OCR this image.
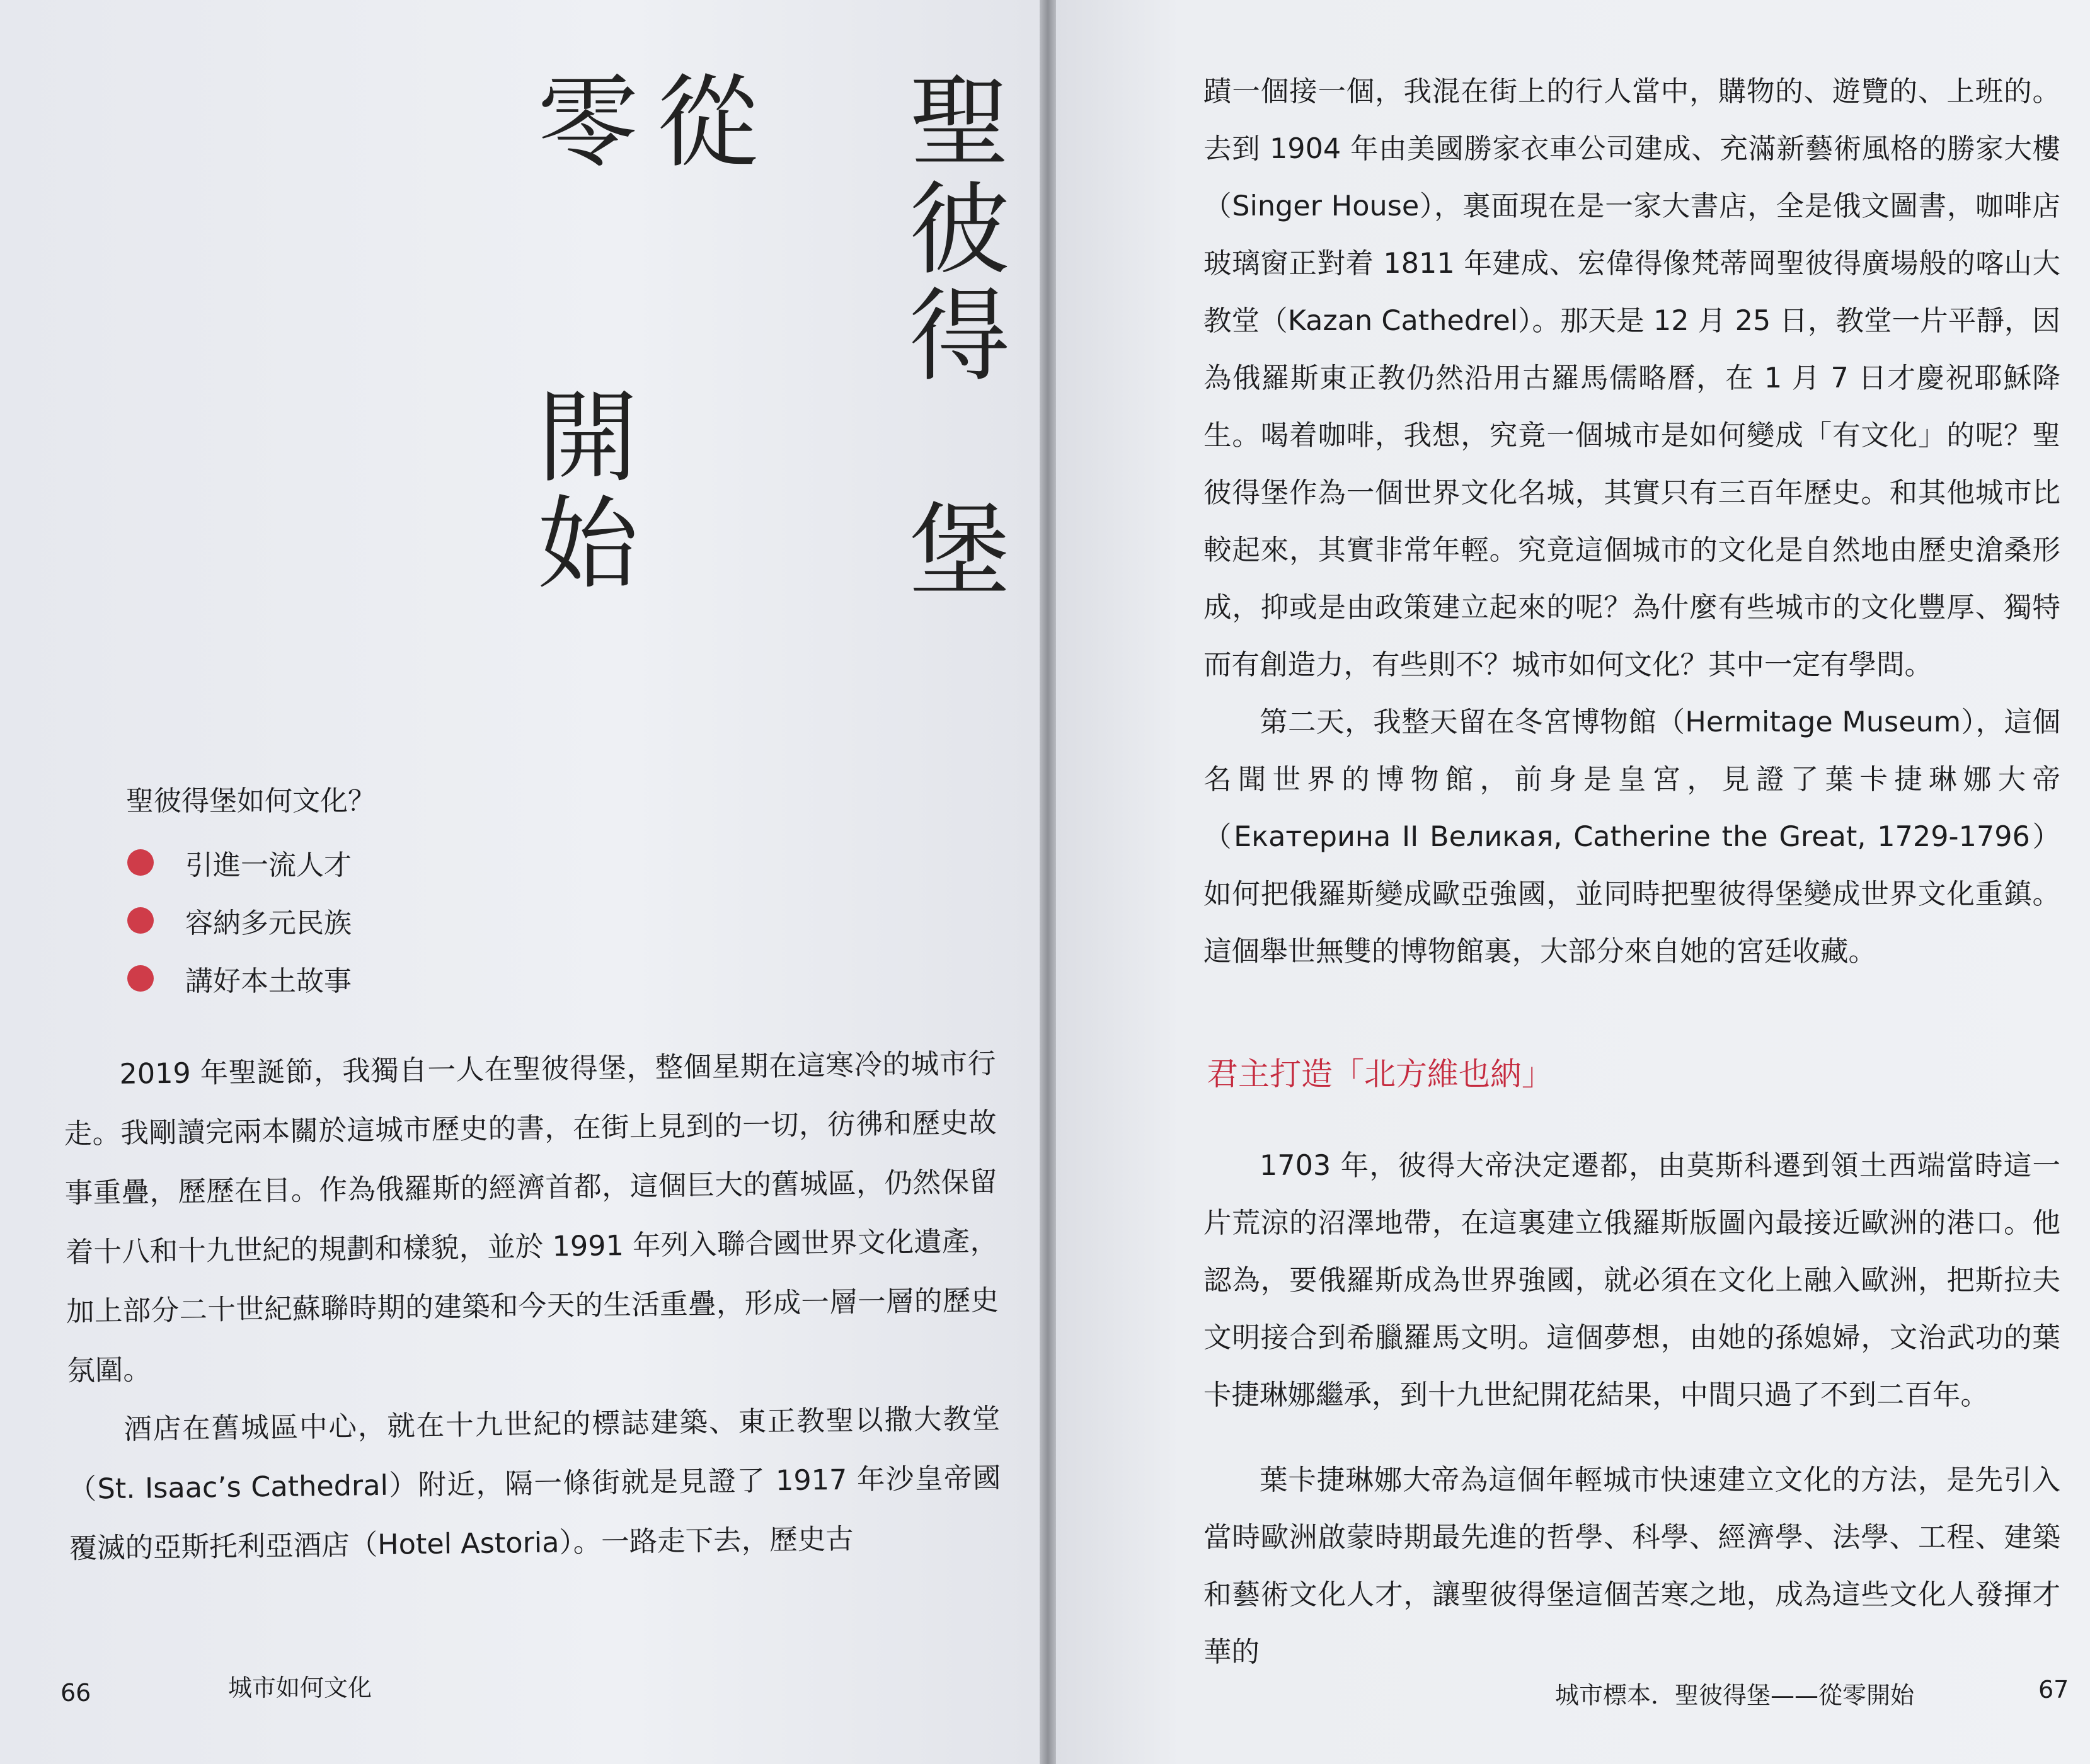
聖
彼
得
堡
從
零
開
始

聖彼得堡如何文化？

引進一流人才
容納多元民族
講好本土故事

2019 年聖誕節，我獨自一人在聖彼得堡，整個星期在這寒冷的城市行走。我剛讀完兩本關於這城市歷史的書，在街上見到的一切，彷彿和歷史故事重疊，歷歷在目。作為俄羅斯的經濟首都，這個巨大的舊城區，仍然保留着十八和十九世紀的規劃和樣貌，並於 1991 年列入聯合國世界文化遺產，加上部分二十世紀蘇聯時期的建築和今天的生活重疊，形成一層一層的歷史氛圍。

酒店在舊城區中心，就在十九世紀的標誌建築、東正教聖以撒大教堂（St. Isaac’s Cathedral）附近，隔一條街就是見證了 1917 年沙皇帝國覆滅的亞斯托利亞酒店（Hotel Astoria）。一路走下去，歷史古

66	城市如何文化

蹟一個接一個，我混在街上的行人當中，購物的、遊覽的、上班的。去到 1904 年由美國勝家衣車公司建成、充滿新藝術風格的勝家大樓（Singer House），裏面現在是一家大書店，全是俄文圖書，咖啡店玻璃窗正對着 1811 年建成、宏偉得像梵蒂岡聖彼得廣場般的喀山大教堂（Kazan Cathedrel）。那天是 12 月 25 日，教堂一片平靜，因為俄羅斯東正教仍然沿用古羅馬儒略曆，在 1 月 7 日才慶祝耶穌降生。喝着咖啡，我想，究竟一個城市是如何變成「有文化」的呢？聖彼得堡作為一個世界文化名城，其實只有三百年歷史。和其他城市比較起來，其實非常年輕。究竟這個城市的文化是自然地由歷史滄桑形成，抑或是由政策建立起來的呢？為什麼有些城市的文化豐厚、獨特而有創造力，有些則不？城市如何文化？其中一定有學問。

第二天，我整天留在冬宮博物館（Hermitage Museum），這個名聞世界的博物館，前身是皇宮，見證了葉卡捷琳娜大帝（Екатерина II Великая, Catherine the Great, 1729-1796）如何把俄羅斯變成歐亞強國，並同時把聖彼得堡變成世界文化重鎮。這個舉世無雙的博物館裏，大部分來自她的宮廷收藏。

君主打造「北方維也納」

1703 年，彼得大帝決定遷都，由莫斯科遷到領土西端當時這一片荒涼的沼澤地帶，在這裏建立俄羅斯版圖內最接近歐洲的港口。他認為，要俄羅斯成為世界強國，就必須在文化上融入歐洲，把斯拉夫文明接合到希臘羅馬文明。這個夢想，由她的孫媳婦，文治武功的葉卡捷琳娜繼承，到十九世紀開花結果，中間只過了不到二百年。

葉卡捷琳娜大帝為這個年輕城市快速建立文化的方法，是先引入當時歐洲啟蒙時期最先進的哲學、科學、經濟學、法學、工程、建築和藝術文化人才，讓聖彼得堡這個苦寒之地，成為這些文化人發揮才華的

城市標本．聖彼得堡——從零開始	67
